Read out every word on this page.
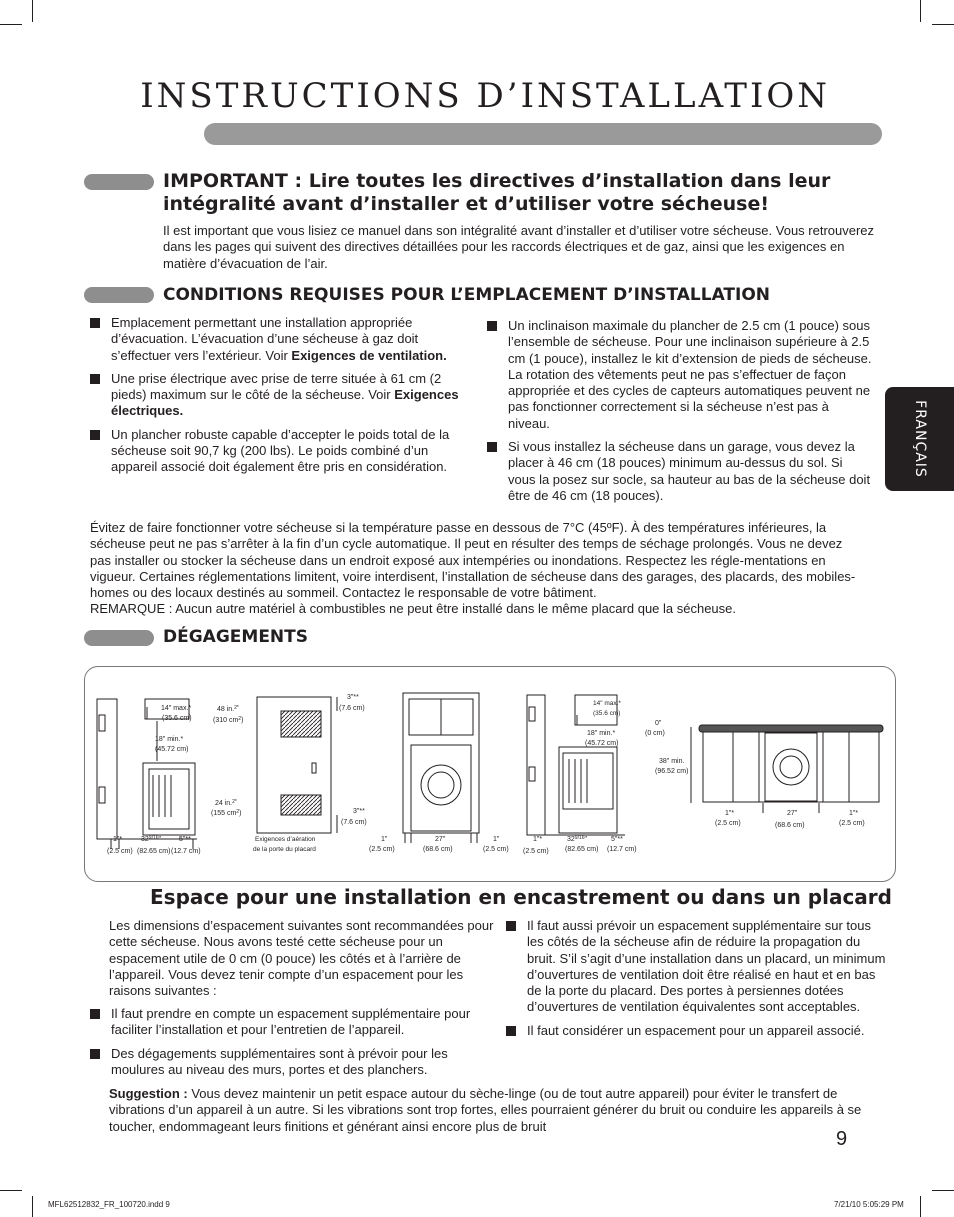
INSTRUCTIONS D’INSTALLATION
IMPORTANT : Lire toutes les directives d’installation dans leur
intégralité avant d’installer et d’utiliser votre sécheuse!
Il est important que vous lisiez ce manuel dans son intégralité avant d’installer et d’utiliser votre sécheuse. Vous retrouverez dans les pages qui suivent des directives détaillées pour les raccords électriques et de gaz, ainsi que les exigences en matière d’évacuation de l’air.
CONDITIONS REQUISES POUR L’EMPLACEMENT D’INSTALLATION
Emplacement permettant une installation appropriée d’évacuation. L’évacuation d’une sécheuse à gaz doit s’effectuer vers l’extérieur. Voir Exigences de ventilation.
Une prise électrique avec prise de terre située à 61 cm (2 pieds) maximum sur le côté de la sécheuse. Voir Exigences électriques.
Un plancher robuste capable d’accepter le poids total de la sécheuse soit 90,7 kg (200 lbs). Le poids combiné d’un appareil associé doit également être pris en considération.
Un inclinaison maximale du plancher de 2.5 cm (1 pouce) sous l’ensemble de sécheuse. Pour une inclinaison supérieure à 2.5 cm (1 pouce), installez le kit d’extension de pieds de sécheuse. La rotation des vêtements peut ne pas s’effectuer de façon appropriée et des cycles de capteurs automatiques peuvent ne pas fonctionner correctement si la sécheuse n’est pas à niveau.
Si vous installez la sécheuse dans un garage, vous devez la placer à 46 cm (18 pouces) minimum au-dessus du sol. Si vous la posez sur socle, sa hauteur au bas de la sécheuse doit être de 46 cm (18 pouces).
Évitez de faire fonctionner votre sécheuse si la température passe en dessous de 7°C (45ºF). À des températures inférieures, la sécheuse peut ne pas s’arrêter à la fin d’un cycle automatique. Il peut en résulter des temps de séchage prolongés. Vous ne devez pas installer ou stocker la sécheuse dans un endroit exposé aux intempéries ou inondations. Respectez les régle-mentations en vigueur. Certaines réglementations limitent, voire interdisent, l’installation de sécheuse dans des garages, des placards, des mobiles-homes ou des locaux destinés au sommeil. Contactez le responsable de votre bâtiment.
REMARQUE : Aucun autre matériel à combustibles ne peut être installé dans le même placard que la sécheuse.
FRANÇAIS
DÉGAGEMENTS
14" max.*
(35.6 cm)
18" min.*
(45.72 cm)
1"*	$32^{9/16}$"	5"**
(2.5 cm) (82.65 cm) (12.7 cm)
48 in.$^{2*}$
(310 $cm^2$)
24 in.$^{2*}$
(155 $cm^2$)
3"**
(7.6 cm)
3"**
(7.6 cm)
Exigences d’aération
de la porte du placard
1"
(2.5 cm)
27"
(68.6 cm)
1"
(2.5 cm)
14" max.*
(35.6 cm)
18" min.*
(45.72 cm)
1"*	$32^{9/16}$"	5"**
(2.5 cm) (82.65 cm) (12.7 cm)
0"
(0 cm)
38" min.
(96.52 cm)
1"*
(2.5 cm)
27"
(68.6 cm)
1"*
(2.5 cm)
Espace pour une installation en encastrement ou dans un placard
Les dimensions d’espacement suivantes sont recommandées pour cette sécheuse. Nous avons testé cette sécheuse pour un espacement utile de 0 cm (0 pouce) les côtés et à l’arrière de l’appareil. Vous devez tenir compte d’un espacement pour les raisons suivantes :
Il faut prendre en compte un espacement supplémentaire pour faciliter l’installation et pour l’entretien de l’appareil.
Des dégagements supplémentaires sont à prévoir pour les moulures au niveau des murs, portes et des planchers.
Il faut aussi prévoir un espacement supplémentaire sur tous les côtés de la sécheuse afin de réduire la propagation du bruit. S’il s’agit d’une installation dans un placard, un minimum d’ouvertures de ventilation doit être réalisé en haut et en bas de la porte du placard. Des portes à persiennes dotées d’ouvertures de ventilation équivalentes sont acceptables.
Il faut considérer un espacement pour un appareil associé.
Suggestion : Vous devez maintenir un petit espace autour du sèche-linge (ou de tout autre appareil) pour éviter le transfert de vibrations d’un appareil à un autre. Si les vibrations sont trop fortes, elles pourraient générer du bruit ou conduire les appareils à se toucher, endommageant leurs finitions et générant ainsi encore plus de bruit
9
MFL62512832_FR_100720.indd 9	7/21/10 5:05:29 PM
